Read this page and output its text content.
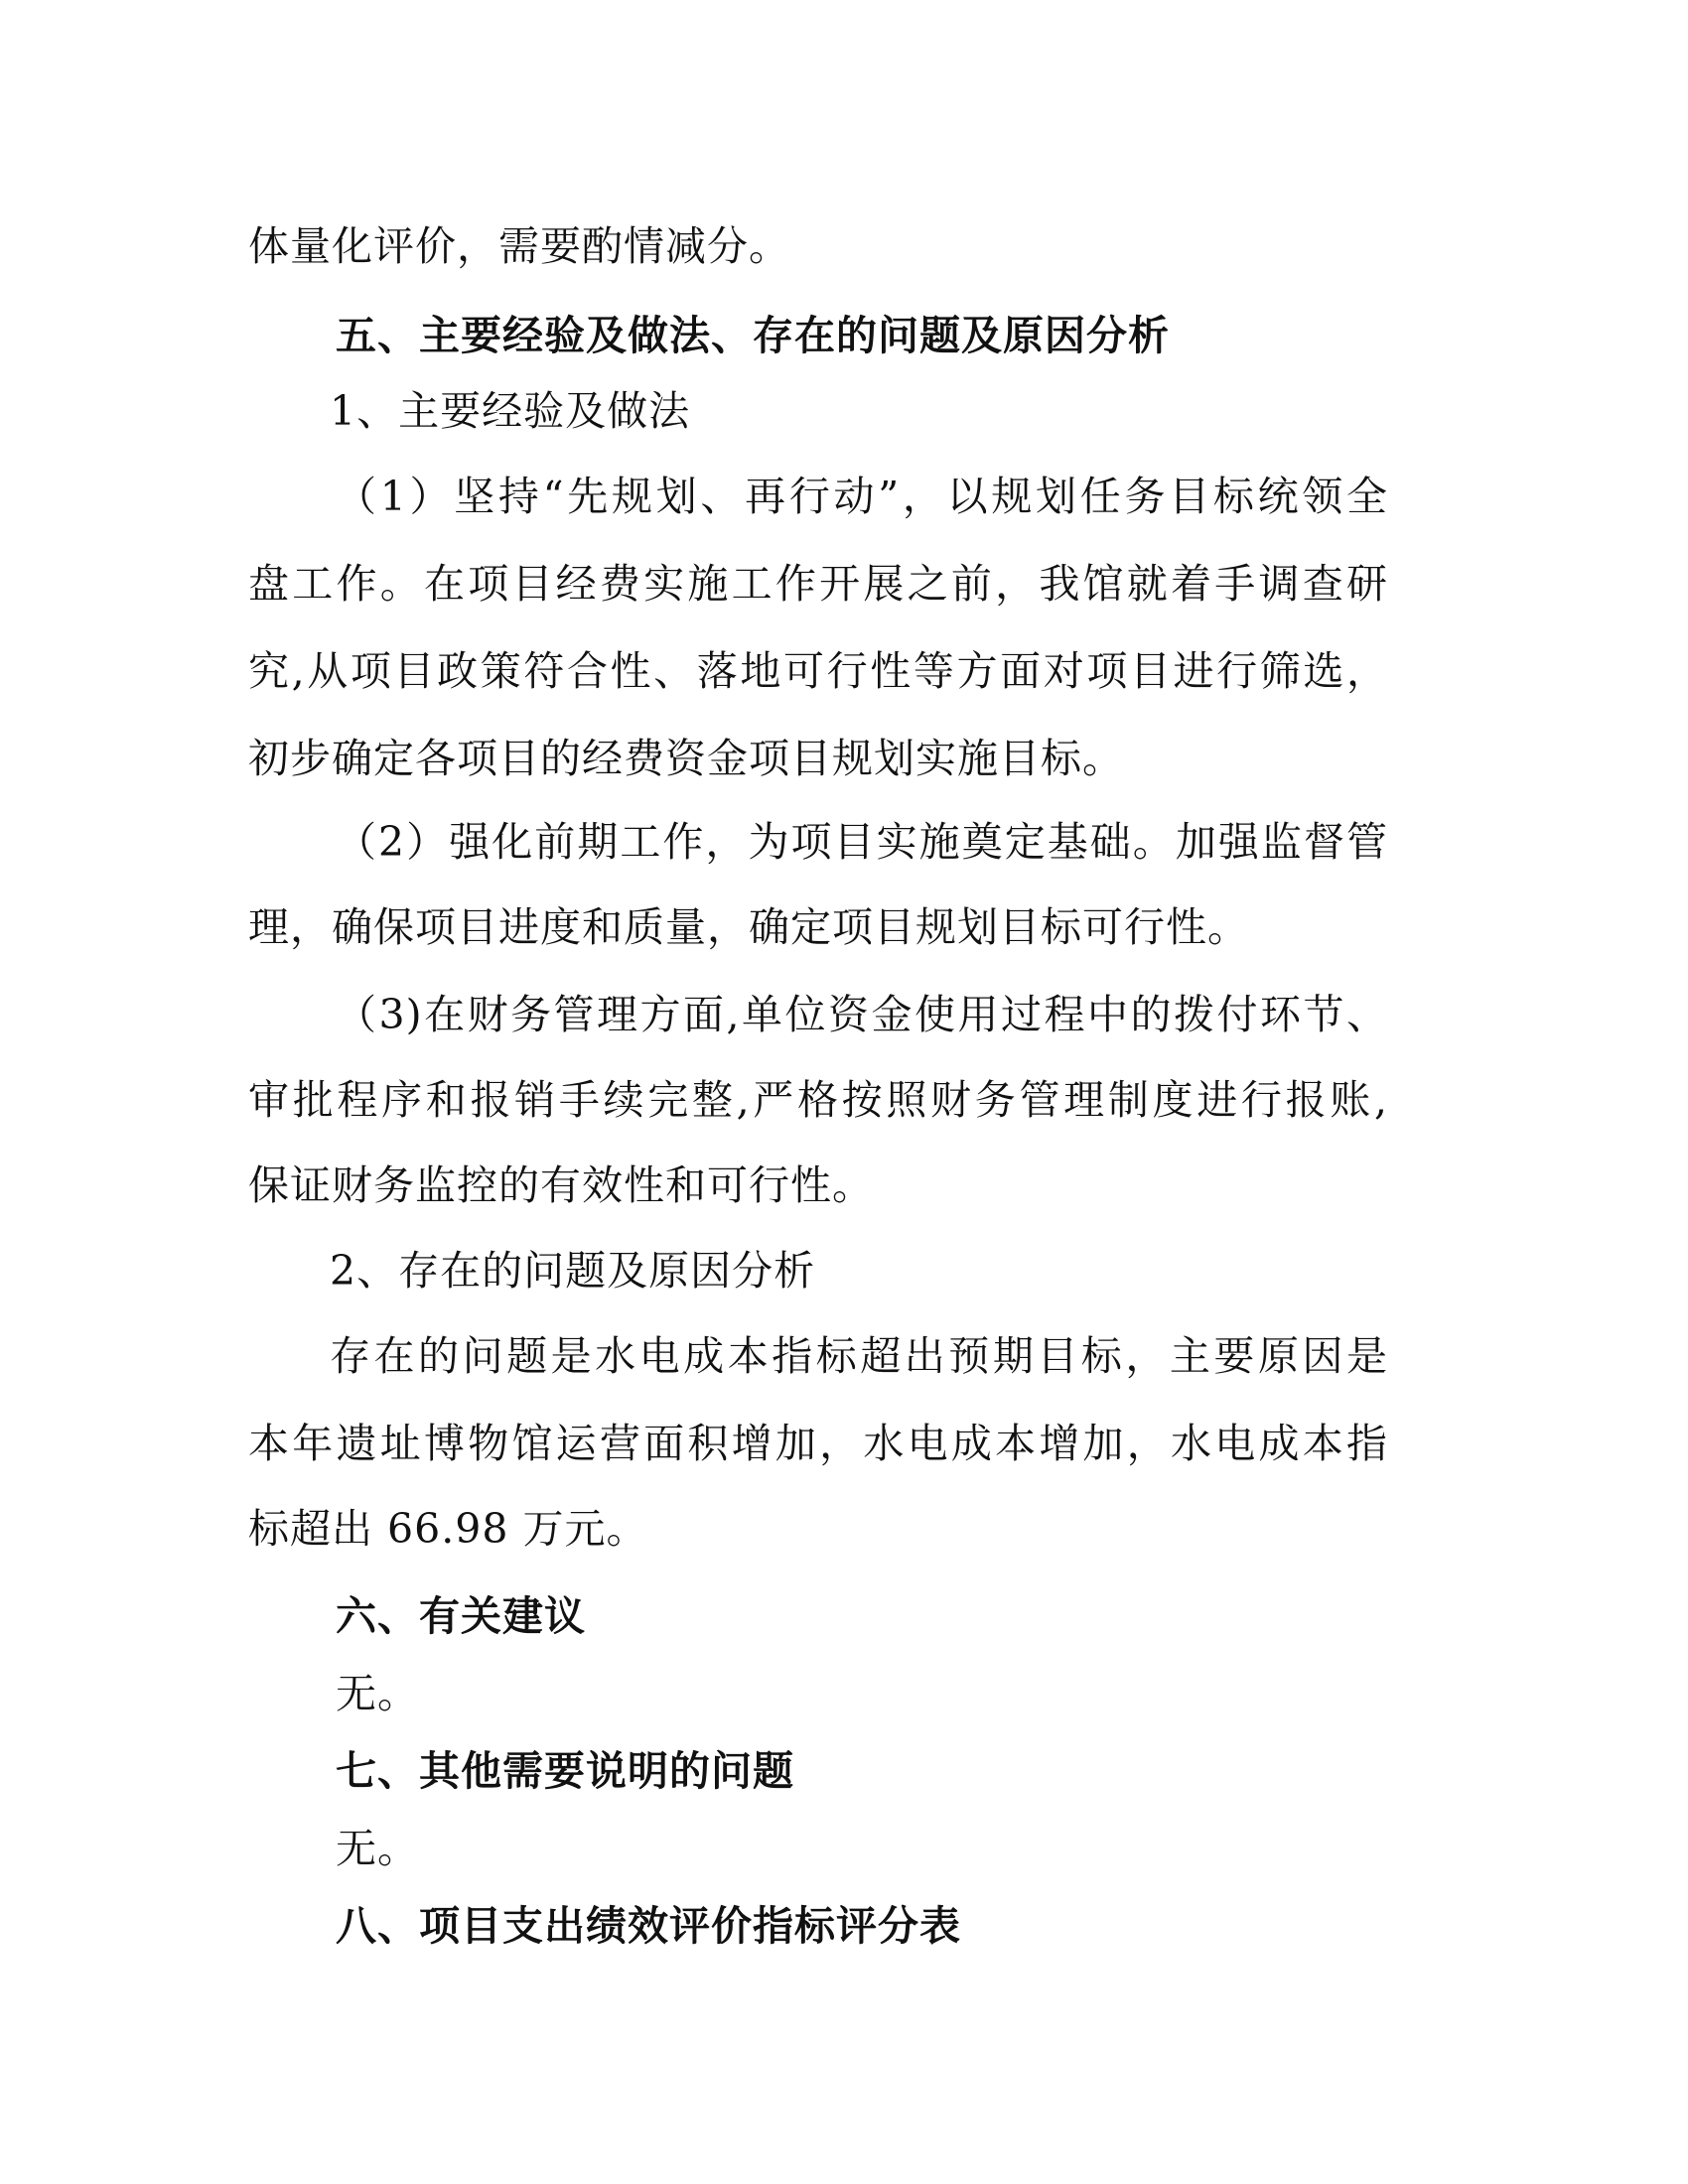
体量化评价，需要酌情减分。
五、主要经验及做法、存在的问题及原因分析
1、主要经验及做法
（1）坚持“先规划、再行动”，以规划任务目标统领全
盘工作。在项目经费实施工作开展之前，我馆就着手调查研
究,从项目政策符合性、落地可行性等方面对项目进行筛选，
初步确定各项目的经费资金项目规划实施目标。
（2）强化前期工作，为项目实施奠定基础。加强监督管
理，确保项目进度和质量，确定项目规划目标可行性。
（3)在财务管理方面,单位资金使用过程中的拨付环节、
审批程序和报销手续完整,严格按照财务管理制度进行报账,
保证财务监控的有效性和可行性。
2、存在的问题及原因分析
存在的问题是水电成本指标超出预期目标，主要原因是
本年遗址博物馆运营面积增加，水电成本增加，水电成本指
标超出 66.98 万元。
六、有关建议
无。
七、其他需要说明的问题
无。
八、项目支出绩效评价指标评分表
